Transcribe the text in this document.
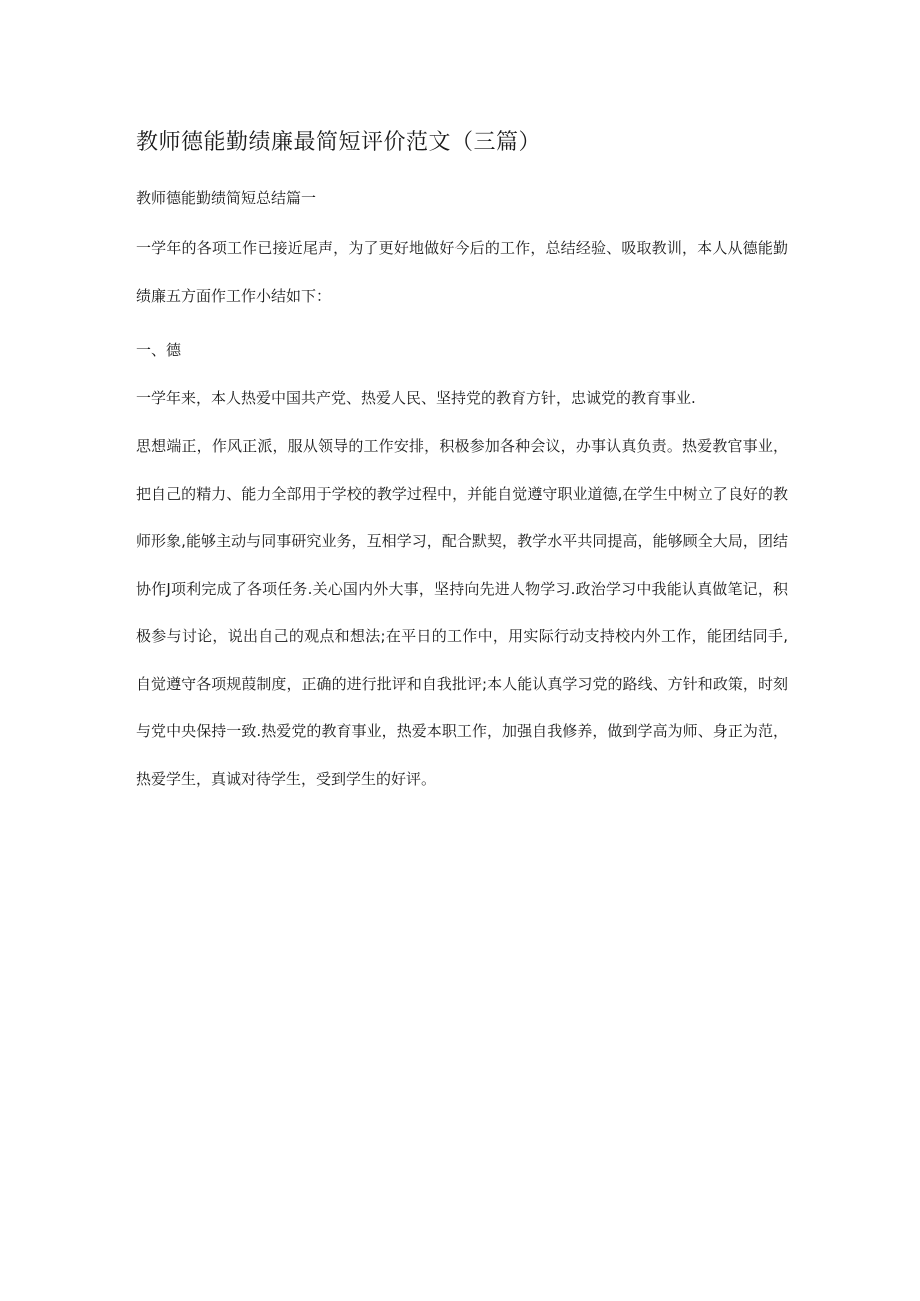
教师德能勤绩廉最简短评价范文（三篇）
教师德能勤绩简短总结篇一

一学年的各项工作已接近尾声，为了更好地做好今后的工作，总结经验、吸取教训，本人从德能勤绩廉五方面作工作小结如下：

一、德

一学年来，本人热爱中国共产党、热爱人民、坚持党的教育方针，忠诚党的教育事业.

思想端正，作风正派，服从领导的工作安排，积极参加各种会议，办事认真负责。热爱教官事业，把自己的精力、能力全部用于学校的教学过程中，并能自觉遵守职业道德,在学生中树立了良好的教师形象,能够主动与同事研究业务，互相学习，配合默契，教学水平共同提高，能够顾全大局，团结协作J项利完成了各项任务.关心国内外大事，坚持向先进人物学习.政治学习中我能认真做笔记，积极参与讨论，说出自己的观点和想法;在平日的工作中，用实际行动支持校内外工作，能团结同手,自觉遵守各项规葭制度，正确的进行批评和自我批评;本人能认真学习党的路线、方针和政策，时刻与党中央保持一致.热爱党的教育事业，热爱本职工作，加强自我修养，做到学高为师、身正为范，热爱学生，真诚对待学生，受到学生的好评。
